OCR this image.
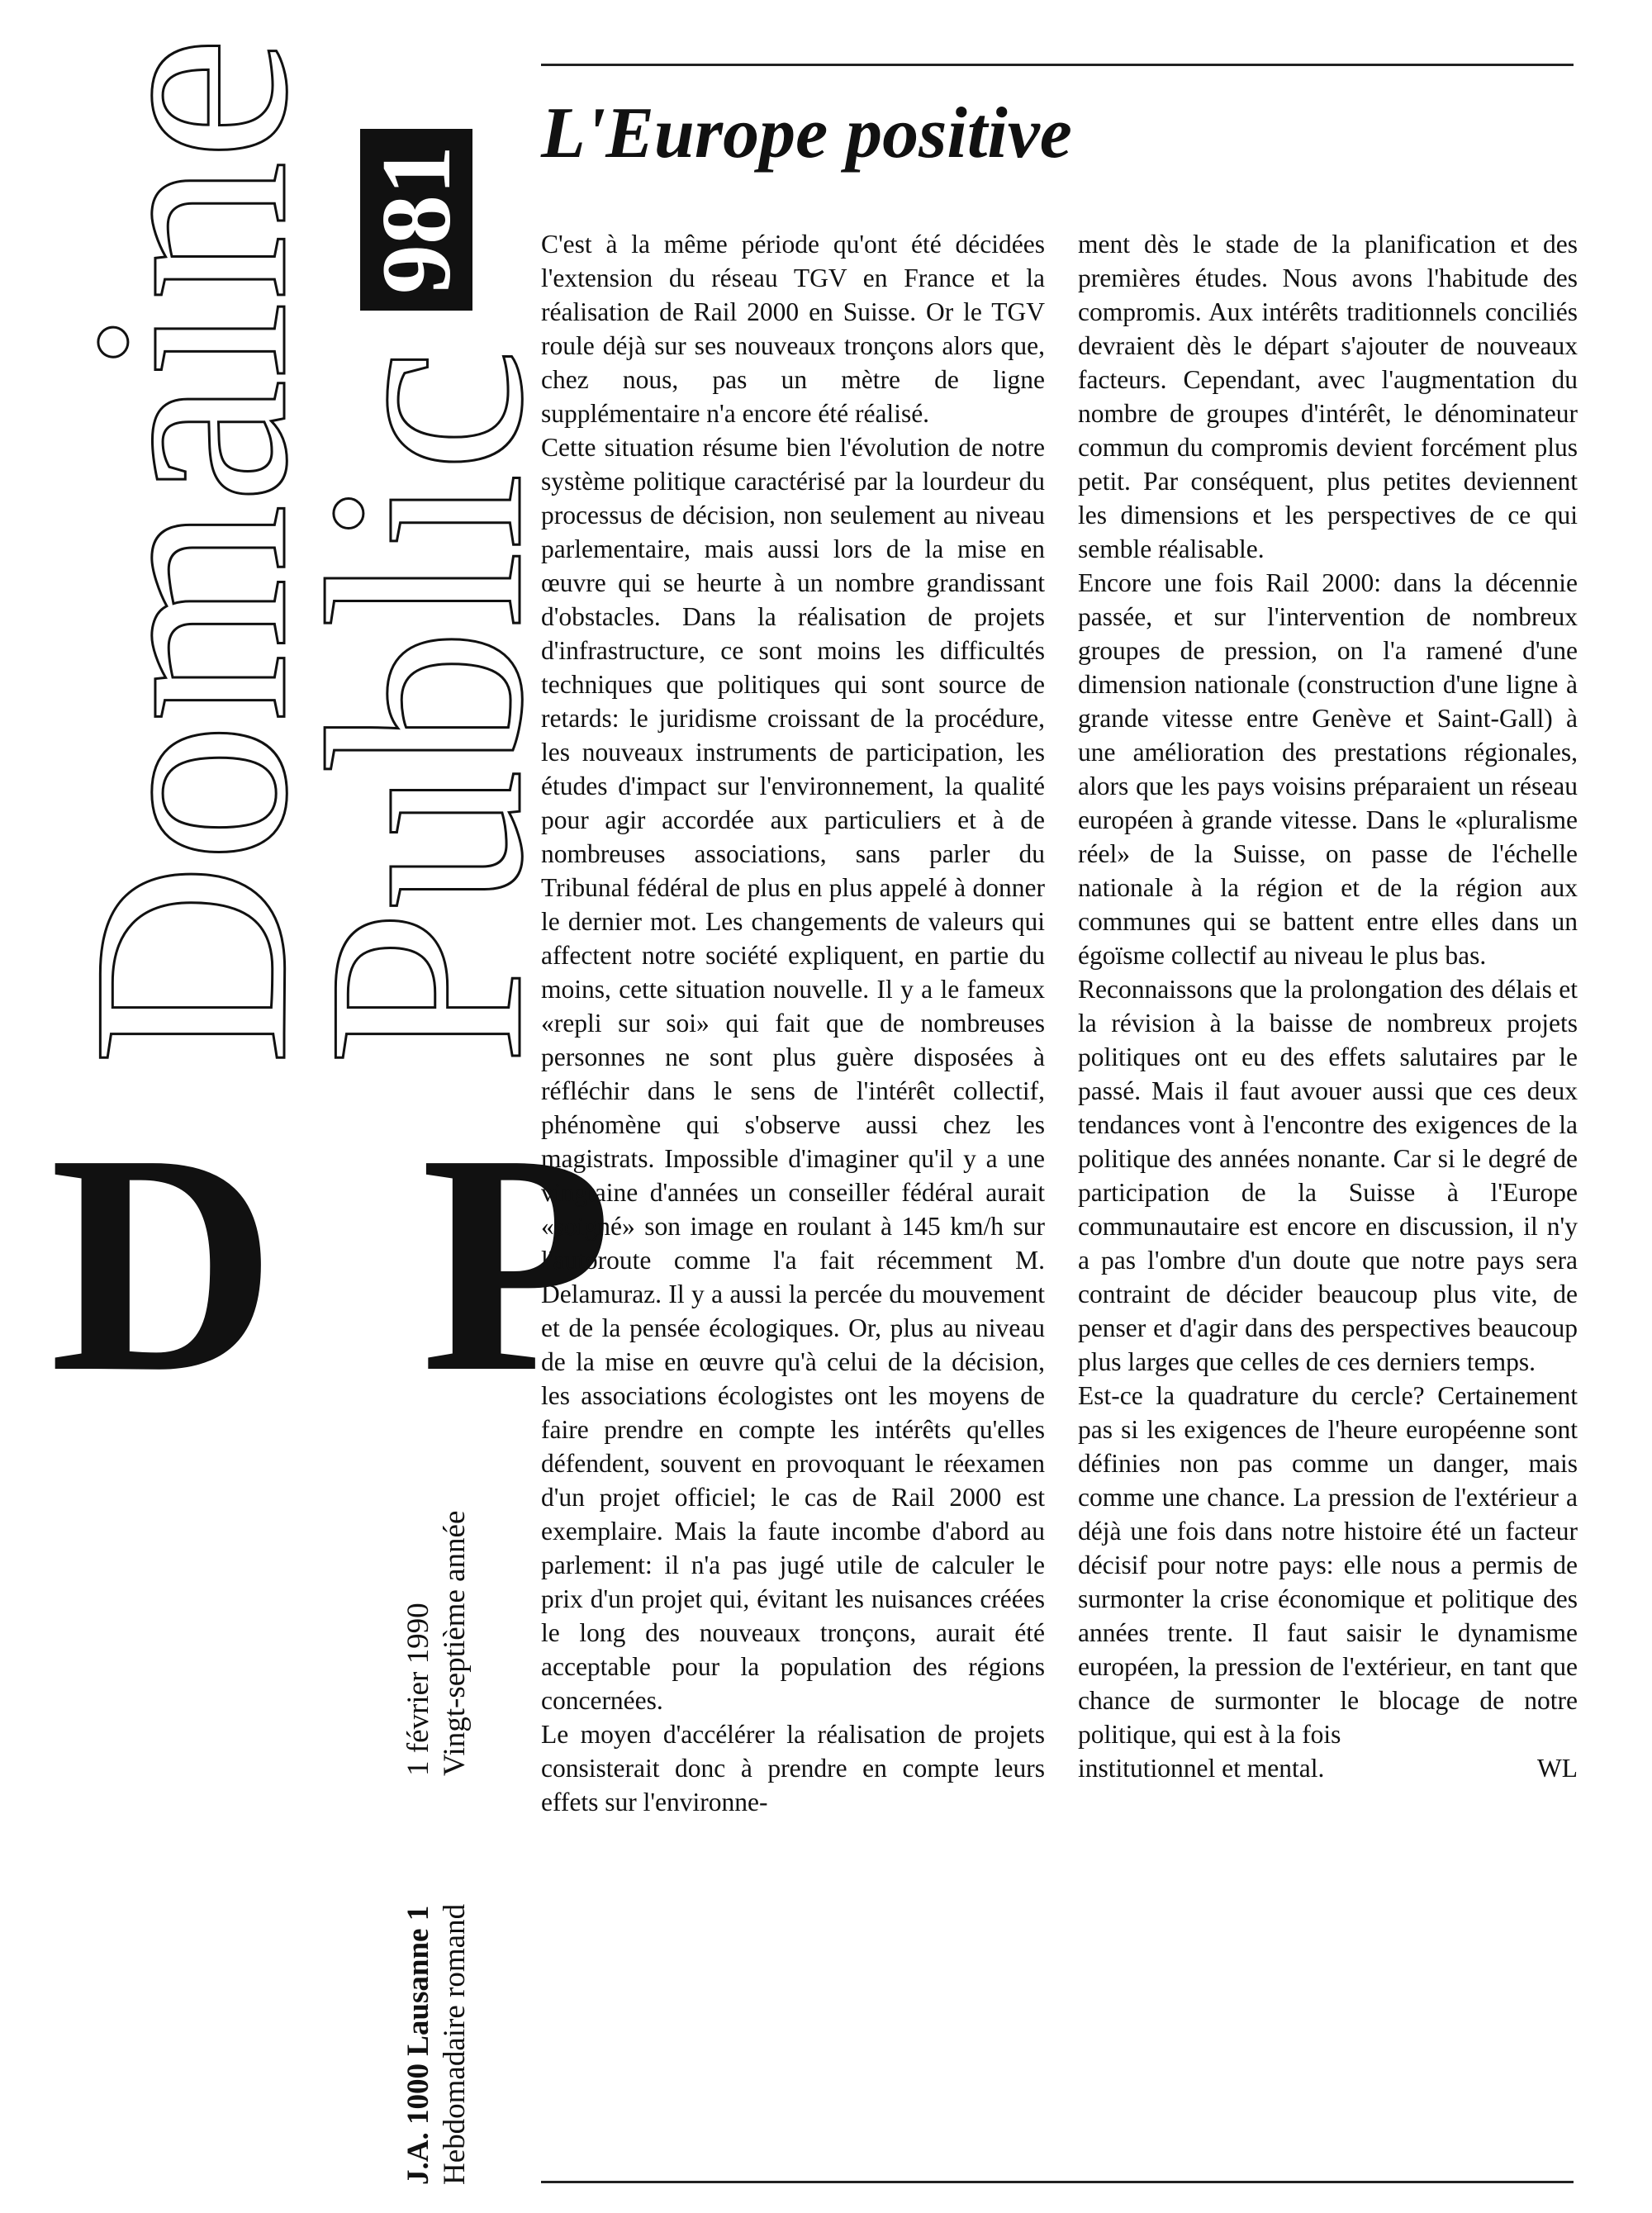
Domaine
Public
981
D P
J.A. 1000 Lausanne 1 Hebdomadaire romand
1 février 1990 Vingt-septième année
L'Europe positive

C'est à la même période qu'ont été décidées l'extension du réseau TGV en France et la réalisation de Rail 2000 en Suisse. Or le TGV roule déjà sur ses nouveaux tronçons alors que, chez nous, pas un mètre de ligne supplémentaire n'a encore été réalisé.

Cette situation résume bien l'évolution de notre système politique caractérisé par la lourdeur du processus de décision, non seulement au niveau parlementaire, mais aussi lors de la mise en œuvre qui se heurte à un nombre grandissant d'obstacles. Dans la réalisation de projets d'infrastructure, ce sont moins les difficultés techniques que politiques qui sont source de retards: le juridisme croissant de la procédure, les nouveaux instruments de participation, les études d'impact sur l'environnement, la qualité pour agir accordée aux particuliers et à de nombreuses associations, sans parler du Tribunal fédéral de plus en plus appelé à donner le dernier mot. Les changements de valeurs qui affectent notre société expliquent, en partie du moins, cette situation nouvelle. Il y a le fameux «repli sur soi» qui fait que de nombreuses personnes ne sont plus guère disposées à réfléchir dans le sens de l'intérêt collectif, phénomène qui s'observe aussi chez les magistrats. Impossible d'imaginer qu'il y a une vingtaine d'années un conseiller fédéral aurait «soigné» son image en roulant à 145 km/h sur l'autoroute comme l'a fait récemment M. Delamuraz. Il y a aussi la percée du mouvement et de la pensée écologiques. Or, plus au niveau de la mise en œuvre qu'à celui de la décision, les associations écologistes ont les moyens de faire prendre en compte les intérêts qu'elles défendent, souvent en provoquant le réexamen d'un projet officiel; le cas de Rail 2000 est exemplaire. Mais la faute incombe d'abord au parlement: il n'a pas jugé utile de calculer le prix d'un projet qui, évitant les nuisances créées le long des nouveaux tronçons, aurait été acceptable pour la population des régions concernées.

Le moyen d'accélérer la réalisation de projets consisterait donc à prendre en compte leurs effets sur l'environne-

ment dès le stade de la planification et des premières études. Nous avons l'habitude des compromis. Aux intérêts traditionnels conciliés devraient dès le départ s'ajouter de nouveaux facteurs. Cependant, avec l'augmentation du nombre de groupes d'intérêt, le dénominateur commun du compromis devient forcément plus petit. Par conséquent, plus petites deviennent les dimensions et les perspectives de ce qui semble réalisable.

Encore une fois Rail 2000: dans la décennie passée, et sur l'intervention de nombreux groupes de pression, on l'a ramené d'une dimension nationale (construction d'une ligne à grande vitesse entre Genève et Saint-Gall) à une amélioration des prestations régionales, alors que les pays voisins préparaient un réseau européen à grande vitesse. Dans le «pluralisme réel» de la Suisse, on passe de l'échelle nationale à la région et de la région aux communes qui se battent entre elles dans un égoïsme collectif au niveau le plus bas.

Reconnaissons que la prolongation des délais et la révision à la baisse de nombreux projets politiques ont eu des effets salutaires par le passé. Mais il faut avouer aussi que ces deux tendances vont à l'encontre des exigences de la politique des années nonante. Car si le degré de participation de la Suisse à l'Europe communautaire est encore en discussion, il n'y a pas l'ombre d'un doute que notre pays sera contraint de décider beaucoup plus vite, de penser et d'agir dans des perspectives beaucoup plus larges que celles de ces derniers temps.

Est-ce la quadrature du cercle? Certainement pas si les exigences de l'heure européenne sont définies non pas comme un danger, mais comme une chance. La pression de l'extérieur a déjà une fois dans notre histoire été un facteur décisif pour notre pays: elle nous a permis de surmonter la crise économique et politique des années trente. Il faut saisir le dynamisme européen, la pression de l'extérieur, en tant que chance de surmonter le blocage de notre politique, qui est à la fois

institutionnel et mental.	WL
